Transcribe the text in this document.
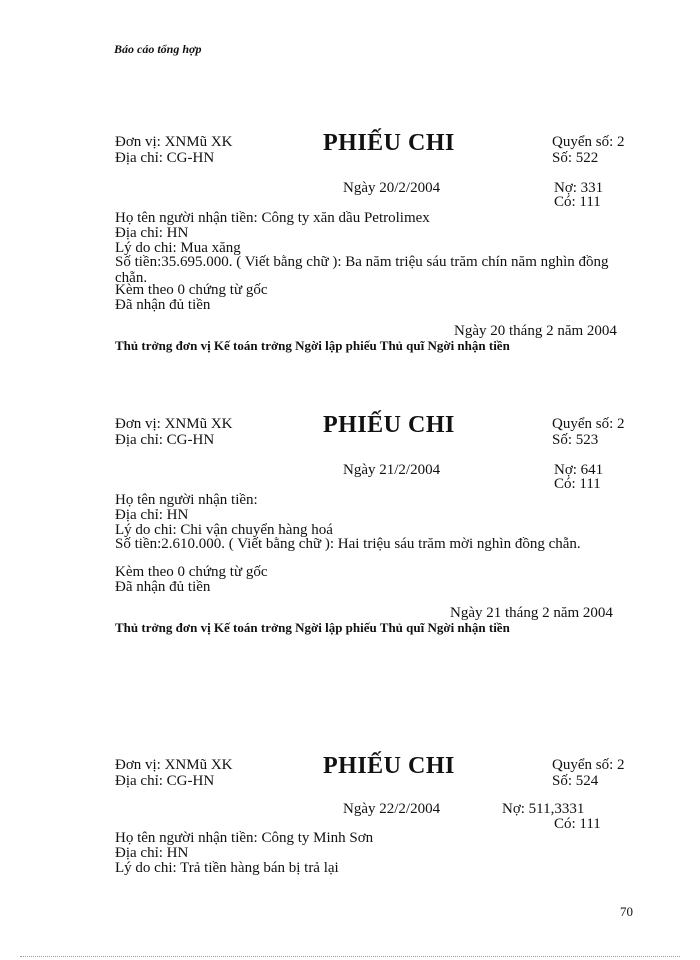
Báo cáo tổng hợp
Đơn vị: XNMũ XK
Địa chỉ: CG-HN
PHIẾU CHI	Quyển số: 2
Số: 522
Ngày 20/2/2004	Nợ: 331
Có: 111
Họ tên người nhận tiền: Công ty xăn dầu Petrolimex
Địa chỉ: HN
Lý do chi: Mua xăng
Số tiền:35.695.000. ( Viết bằng chữ ): Ba năm triệu sáu trăm chín năm nghìn đồng chẵn.
Kèm theo 0 chứng từ gốc
Đã nhận đủ tiền
Ngày 20 tháng 2 năm 2004
Thủ trởng đơn vị Kế toán trởng Ngời lập phiếu Thủ quĩ Ngời nhận tiền
Đơn vị: XNMũ XK
Địa chỉ: CG-HN
PHIẾU CHI	Quyển số: 2
Số: 523
Ngày 21/2/2004	Nợ: 641
Có: 111
Họ tên người nhận tiền:
Địa chỉ: HN
Lý do chi: Chi vận chuyển hàng hoá
Số tiền:2.610.000. ( Viết bằng chữ ): Hai triệu sáu trăm mời nghìn đồng chẵn.
Kèm theo 0 chứng từ gốc
Đã nhận đủ tiền
Ngày 21 tháng 2 năm 2004
Thủ trởng đơn vị Kế toán trởng Ngời lập phiếu Thủ quĩ Ngời nhận tiền
Đơn vị: XNMũ XK
Địa chỉ: CG-HN
PHIẾU CHI	Quyển số: 2
Số: 524
Ngày 22/2/2004	Nợ: 511,3331
Có: 111
Họ tên người nhận tiền: Công ty Minh Sơn
Địa chỉ: HN
Lý do chi: Trả tiền hàng bán bị trả lại
70
